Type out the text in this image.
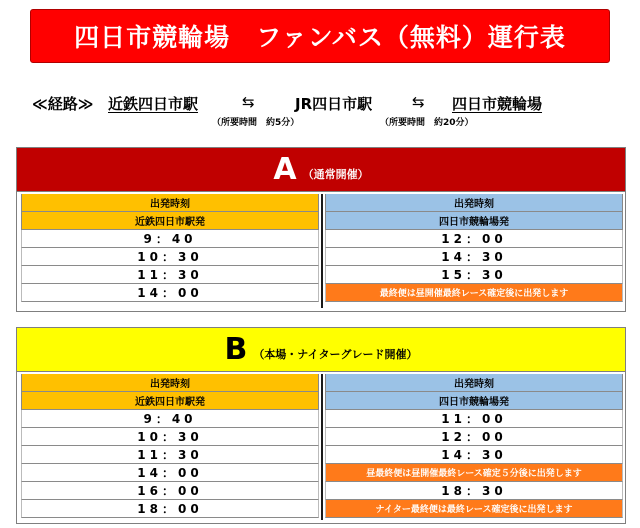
四日市競輪場　ファンバス（無料）運行表
≪経路≫ 近鉄四日市駅	⇆	JR四日市駅	⇆ 四日市競輪場
（所要時間　約5分）	（所要時間　約20分）
A （通常開催）
出発時刻
近鉄四日市駅発
9：40
10：30
11：30
14：00
出発時刻
四日市競輪場発
12：00
14：30
15：30
最終便は昼開催最終レース確定後に出発します
B （本場・ナイターグレード開催）
出発時刻
近鉄四日市駅発
9：40
10：30
11：30
14：00
16：00
18：00
出発時刻
四日市競輪場発
11：00
12：00
14：30
昼最終便は昼開催最終レース確定５分後に出発します
18：30
ナイター最終便は最終レース確定後に出発します
